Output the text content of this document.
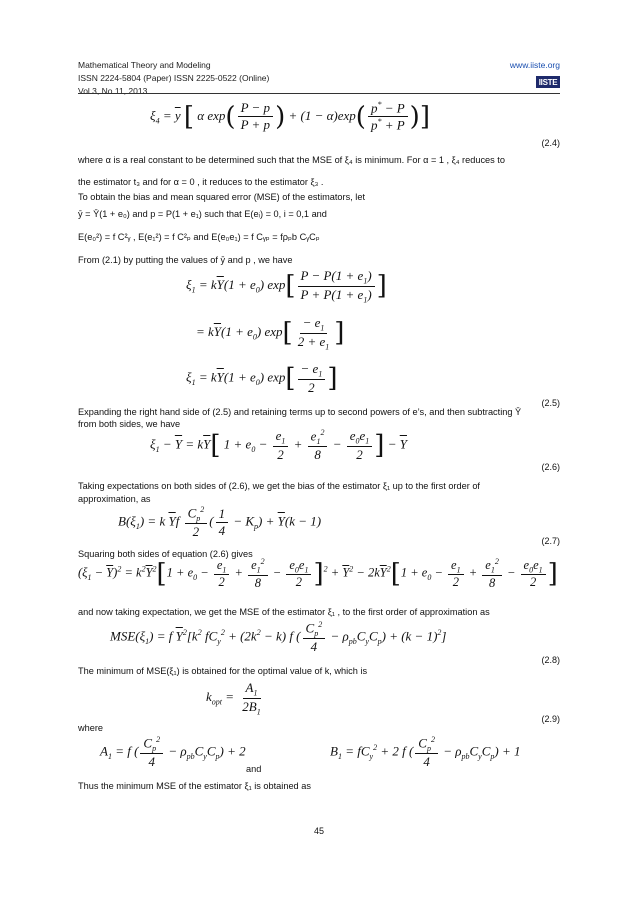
Mathematical Theory and Modeling
ISSN 2224-5804 (Paper) ISSN 2225-0522 (Online)
Vol.3, No.11, 2013
www.iiste.org
IISTE
$\xi_4 = \overline{y}$ [ α $\exp( \frac{P - p}{P + p}$ ) + $(1 - \alpha)\exp( \frac{p^* - P}{p^* + P}$ )]
(2.4)
where α is a real constant to be determined such that the MSE of ξ₄ is minimum. For α = 1 , ξ₄ reduces to
the estimator t₃ and for α = 0 , it reduces to the estimator ξ₃ .
To obtain the bias and mean squared error (MSE) of the estimators, let
ȳ = Ȳ(1 + e₀) and p = P(1 + e₁) such that E(eᵢ) = 0, i = 0,1 and
E(e₀²) = f C²ᵧ , E(e₁²) = f C²ₚ and E(e₀e₁) = f Cᵧₚ = fρₚb CᵧCₚ
From (2.1) by putting the values of ȳ and p , we have
$\xi_1 = k\overline{Y}(1 + e_0)$ $\exp[ \frac{P - P(1 + e_1)}{P + P(1 + e_1)}$ ]
= $k\overline{Y}(1 + e_0)$ $\exp[ \frac{- e_1}{2 + e_1}$ ]
$\xi_1 = k\overline{Y}(1 + e_0)$ $\exp[ \frac{- e_1}{2}$ ]
(2.5)
Expanding the right hand side of (2.5) and retaining terms up to second powers of e’s, and then subtracting Ȳ
from both sides, we have
$\xi_1 - \overline{Y} = k\overline{Y}$[ $1 + e_0 - \frac{e_1}{2} + \frac{e_1^2}{8} - \frac{e_0e_1}{2}$ ] − $\overline{Y}$
(2.6)
Taking expectations on both sides of (2.6), we get the bias of the estimator ξ₁ up to the first order of
approximation, as
$B(\xi_1) = k$ $\overline{Y}f \frac{C_p^2}{2}$ ( $\frac{1}{4} - K_p) + \overline{Y}(k - 1)$
(2.7)
Squaring both sides of equation (2.6) gives
$(\xi_1 - \overline{Y})^2 = k^2\overline{Y}^2[1 + e_0 - \frac{e_1}{2} + \frac{e_1^2}{8} - \frac{e_0e_1}{2} ]^2 + \overline{Y}^2 - 2k\overline{Y}^2[1 + e_0 - \frac{e_1}{2} + \frac{e_1^2}{8} - \frac{e_0e_1}{2}$ ]
and now taking expectation, we get the MSE of the estimator ξ₁ , to the first order of approximation as
$MSE(\xi_1) = f$ $\overline{Y}^2[k^2$ $fC_y^2 + (2k^2 - k)$ f ( $\frac{C_p^2}{4} - \rho_{pb}C_yC_p) + (k - 1)^2$]
(2.8)
The minimum of MSE(ξ₁) is obtained for the optimal value of k, which is
$k_{opt} = \frac{A_1}{2B_1}$
(2.9)
where
$A_1 = f$ ( $\frac{C_p^2}{4} - \rho_{pb}C_yC_p) + 2$
and
$B_1 = fC_y^2 + 2$ f ( $\frac{C_p^2}{4} - \rho_{pb}C_yC_p) + 1$
Thus the minimum MSE of the estimator ξ₁ is obtained as
45
